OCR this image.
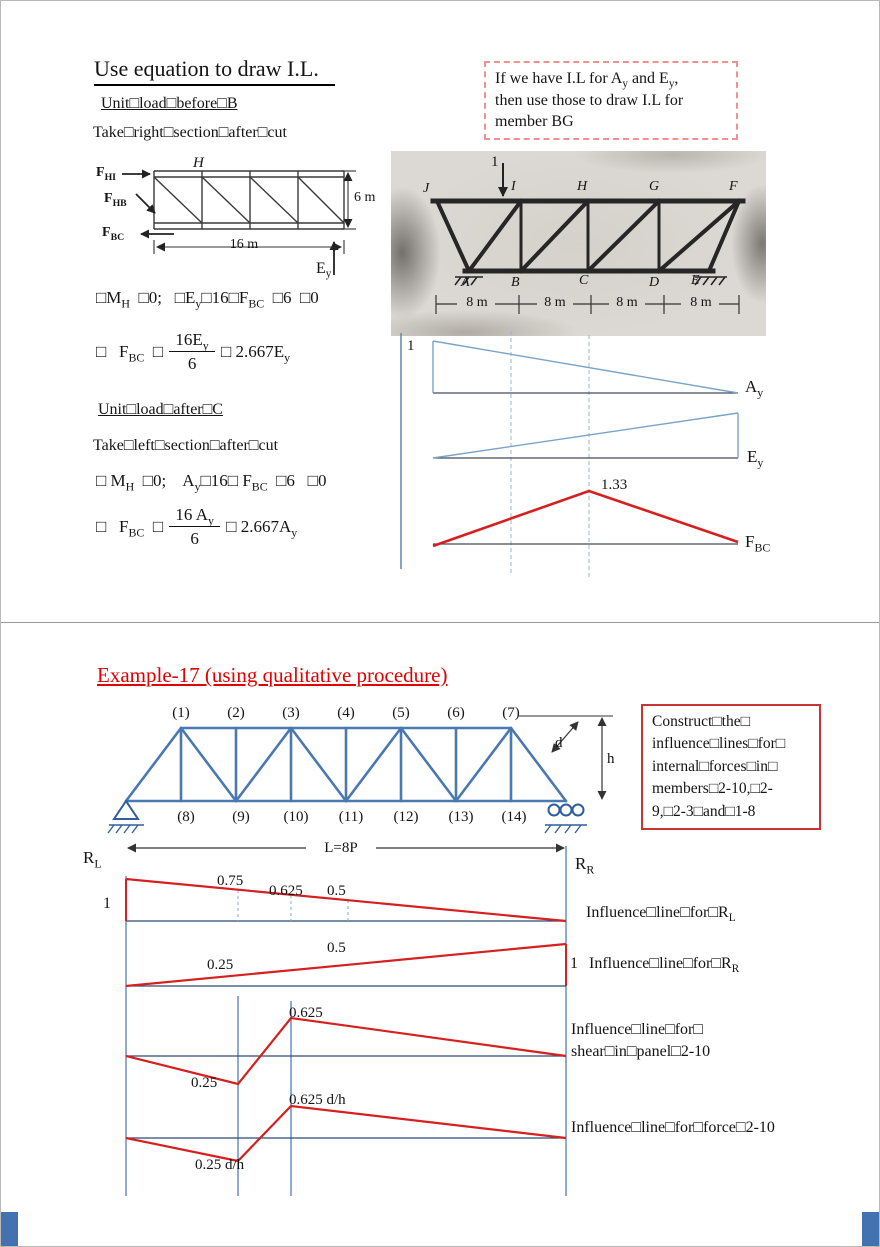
Use equation to draw I.L.	If we have I.L for $A_y$ and $E_y$,
then use those to draw I.L for
member BG
Unit□load□before□B
Take□right□section□after□cut
$F_{HI}$
$F_{HB}$
$F_{BC}$
H
6 m
16 m
$E_y$
$□M_H$  □0;   $□E_y□16□F_{BC}$  □6  □0
□   $F_{BC}$  □ $\frac{16E_y}{6}$ □ $2.667E_y$
Unit□load□after□C
Take□left□section□after□cut
□ $M_H$  □0;    $A_y□16□$ $F_{BC}$  □6   □0
□   $F_{BC}$  □ $\frac{16 A_y}{6}$ □ $2.667A_y$
1
J	I	H	G	F
A	B	C	D E
8 m	8 m	8 m	8 m
1
$A_y$
$E_y$
1.33
$F_{BC}$
Example-17 (using qualitative procedure)
Construct□the□
influence□lines□for□
internal□forces□in□
members□2-10,□2-
9,□2-3□and□1-8
(1)	(2)	(3)	(4)	(5)	(6)	(7)
(8)	(9)	(10)	(11)	(12)	(13)	(14)
d
h
$R_L$	$R_R$
L=8P
1
0.75
0.625 0.5
$Influence□line□for□R_L$
0.25
0.5
1 $Influence□line□for□R_R$
0.625
0.25
Influence□line□for□
shear□in□panel□2-10
0.625 d/h
0.25 d/h
Influence□line□for□force□2-10
